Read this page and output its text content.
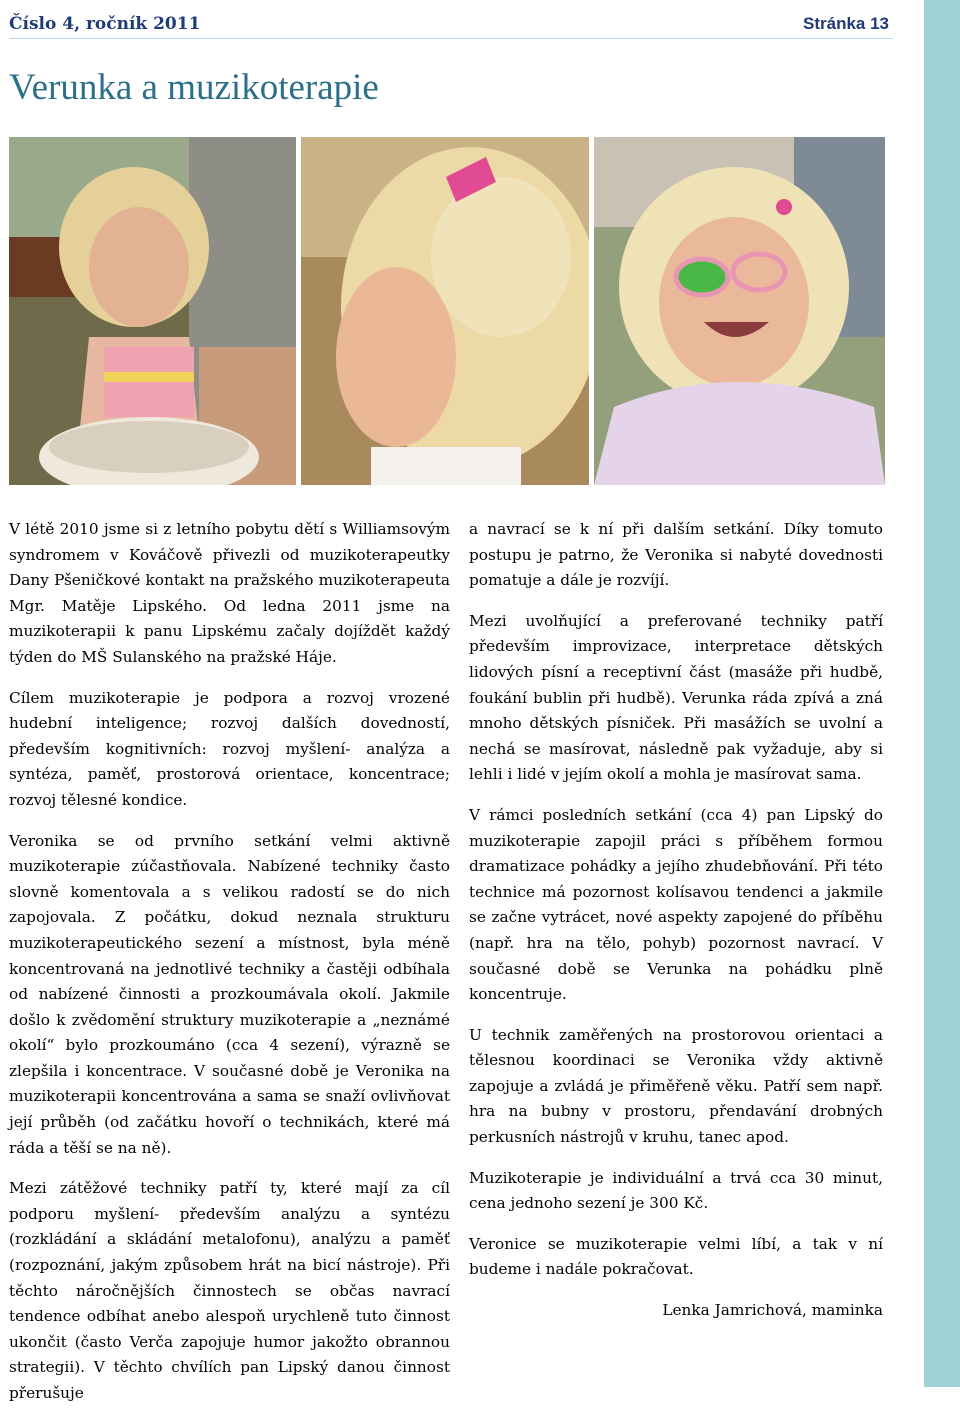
Číslo 4, ročník 2011	Stránka 13
Verunka a muzikoterapie

V létě 2010 jsme si z letního pobytu dětí s Williamsovým syndromem v Kováčově přivezli od muzikoterapeutky Dany Pšeničkové kontakt na pražského muzikoterapeuta Mgr. Matěje Lipského. Od ledna 2011 jsme na muzikoterapii k panu Lipskému začaly dojíždět každý týden do MŠ Sulanského na pražské Háje.

Cílem muzikoterapie je podpora a rozvoj vrozené hudební inteligence; rozvoj dalších dovedností, především kognitivních: rozvoj myšlení- analýza a syntéza, paměť, prostorová orientace, koncentrace; rozvoj tělesné kondice.

Veronika se od prvního setkání velmi aktivně muzikoterapie zúčastňovala. Nabízené techniky často slovně komentovala a s velikou radostí se do nich zapojovala. Z počátku, dokud neznala strukturu muzikoterapeutického sezení a místnost, byla méně koncentrovaná na jednotlivé techniky a častěji odbíhala od nabízené činnosti a prozkoumávala okolí. Jakmile došlo k zvědomění struktury muzikoterapie a „neznámé okolí“ bylo prozkoumáno (cca 4 sezení), výrazně se zlepšila i koncentrace. V současné době je Veronika na muzikoterapii koncentrována a sama se snaží ovlivňovat její průběh (od začátku hovoří o technikách, které má ráda a těší se na ně).

Mezi zátěžové techniky patří ty, které mají za cíl podporu myšlení- především analýzu a syntézu (rozkládání a skládání metalofonu), analýzu a paměť (rozpoznání, jakým způsobem hrát na bicí nástroje). Při těchto náročnějších činnostech se občas navrací tendence odbíhat anebo alespoň urychleně tuto činnost ukončit (často Verča zapojuje humor jakožto obrannou strategii). V těchto chvílích pan Lipský danou činnost přerušuje

a navrací se k ní při dalším setkání. Díky tomuto postupu je patrno, že Veronika si nabyté dovednosti pomatuje a dále je rozvíjí.

Mezi uvolňující a preferované techniky patří především improvizace, interpretace dětských lidových písní a receptivní část (masáže při hudbě, foukání bublin při hudbě). Verunka ráda zpívá a zná mnoho dětských písniček. Při masážích se uvolní a nechá se masírovat, následně pak vyžaduje, aby si lehli i lidé v jejím okolí a mohla je masírovat sama.

V rámci posledních setkání (cca 4) pan Lipský do muzikoterapie zapojil práci s příběhem formou dramatizace pohádky a jejího zhudebňování. Při této technice má pozornost kolísavou tendenci a jakmile se začne vytrácet, nové aspekty zapojené do příběhu (např. hra na tělo, pohyb) pozornost navrací. V současné době se Verunka na pohádku plně koncentruje.

U technik zaměřených na prostorovou orientaci a tělesnou koordinaci se Veronika vždy aktivně zapojuje a zvládá je přiměřeně věku. Patří sem např. hra na bubny v prostoru, přendavání drobných perkusních nástrojů v kruhu, tanec apod.

Muzikoterapie je individuální a trvá cca 30 minut, cena jednoho sezení je 300 Kč.

Veronice se muzikoterapie velmi líbí, a tak v ní budeme i nadále pokračovat.

Lenka Jamrichová, maminka
